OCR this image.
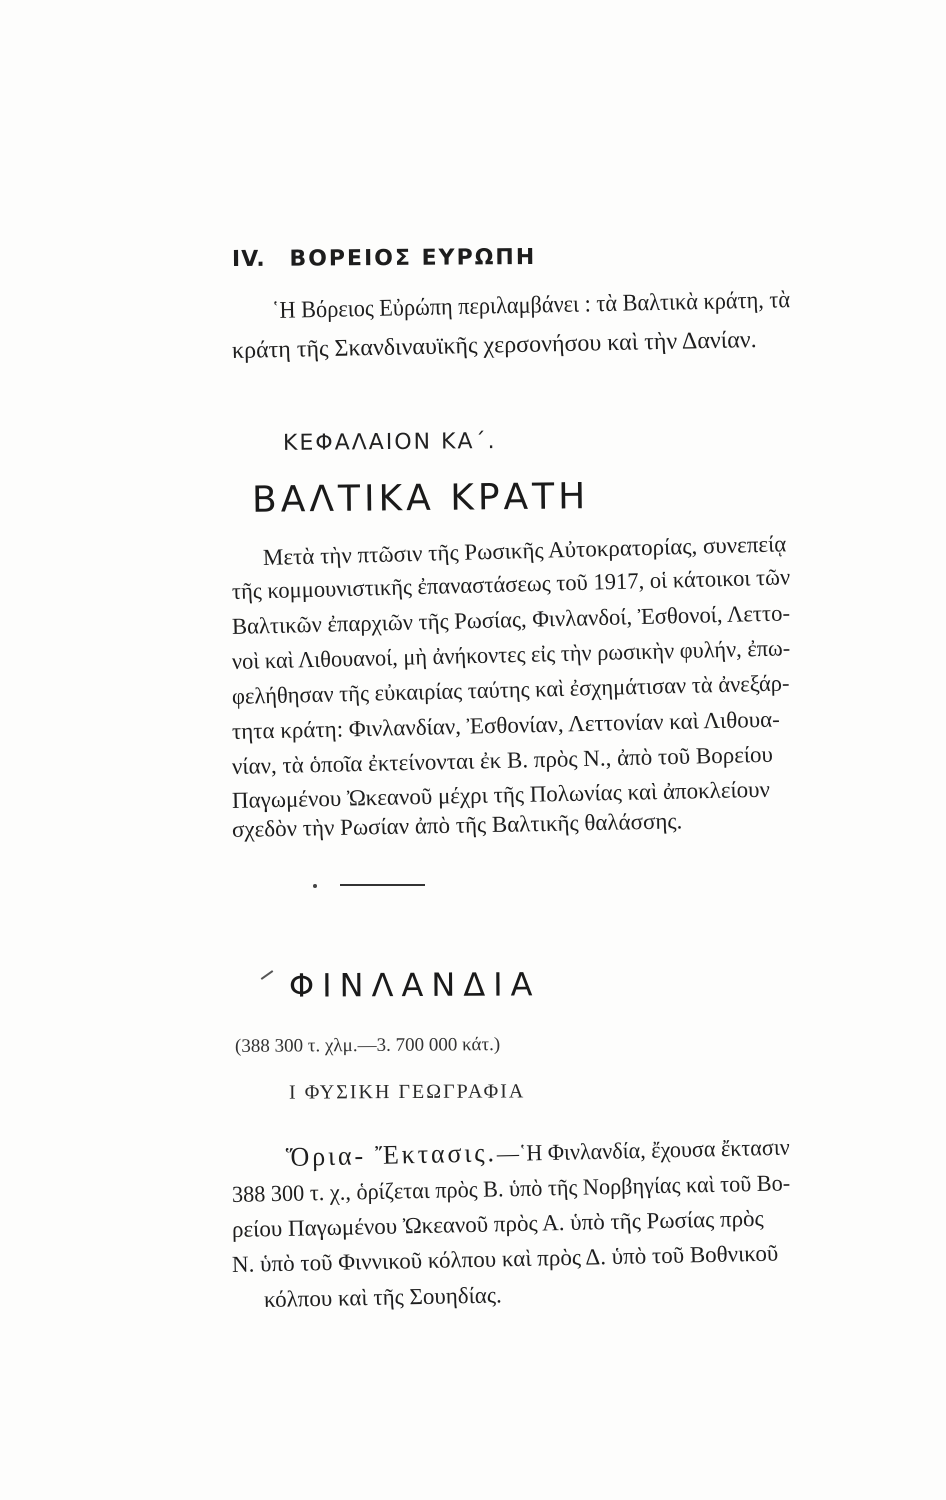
IV. ΒΟΡΕΙΟΣ ΕΥΡΩΠΗ
῾Η Βόρειος Εὐρώπη περιλαμβάνει : τὰ Βαλτικὰ κράτη, τὰ
κράτη τῆς Σκανδιναυϊκῆς χερσονήσου καὶ τὴν Δανίαν.
ΚΕΦΑΛΑΙΟΝ ΚΑ΄.
ΒΑΛΤΙΚΑ ΚΡΑΤΗ
Μετὰ τὴν πτῶσιν τῆς Ρωσικῆς Αὐτοκρατορίας, συνεπείᾳ
τῆς κομμουνιστικῆς ἐπαναστάσεως τοῦ 1917, οἱ κάτοικοι τῶν
Βαλτικῶν ἐπαρχιῶν τῆς Ρωσίας, Φινλανδοί, Ἐσθονοί, Λεττο-
νοὶ καὶ Λιθουανοί, μὴ ἀνήκοντες εἰς τὴν ρωσικὴν φυλήν, ἐπω-
φελήθησαν τῆς εὐκαιρίας ταύτης καὶ ἐσχημάτισαν τὰ ἀνεξάρ-
τητα κράτη: Φινλανδίαν, Ἐσθονίαν, Λεττονίαν καὶ Λιθουα-
νίαν, τὰ ὁποῖα ἐκτείνονται ἐκ Β. πρὸς Ν., ἀπὸ τοῦ Βορείου
Παγωμένου Ὠκεανοῦ μέχρι τῆς Πολωνίας καὶ ἀποκλείουν
σχεδὸν τὴν Ρωσίαν ἀπὸ τῆς Βαλτικῆς θαλάσσης.
ΦΙΝΛΑΝΔΙΑ
(388 300 τ. χλμ.—3. 700 000 κάτ.)
Ι ΦΥΣΙΚΗ ΓΕΩΓΡΑΦΙΑ
Ὅρια- Ἔκτασις.—῾Η Φινλανδία, ἔχουσα ἔκτασιν
388 300 τ. χ., ὁρίζεται πρὸς Β. ὑπὸ τῆς Νορβηγίας καὶ τοῦ Βο-
ρείου Παγωμένου Ὠκεανοῦ πρὸς Α. ὑπὸ τῆς Ρωσίας πρὸς
Ν. ὑπὸ τοῦ Φιννικοῦ κόλπου καὶ πρὸς Δ. ὑπὸ τοῦ Βοθνικοῦ
κόλπου καὶ τῆς Σουηδίας.
